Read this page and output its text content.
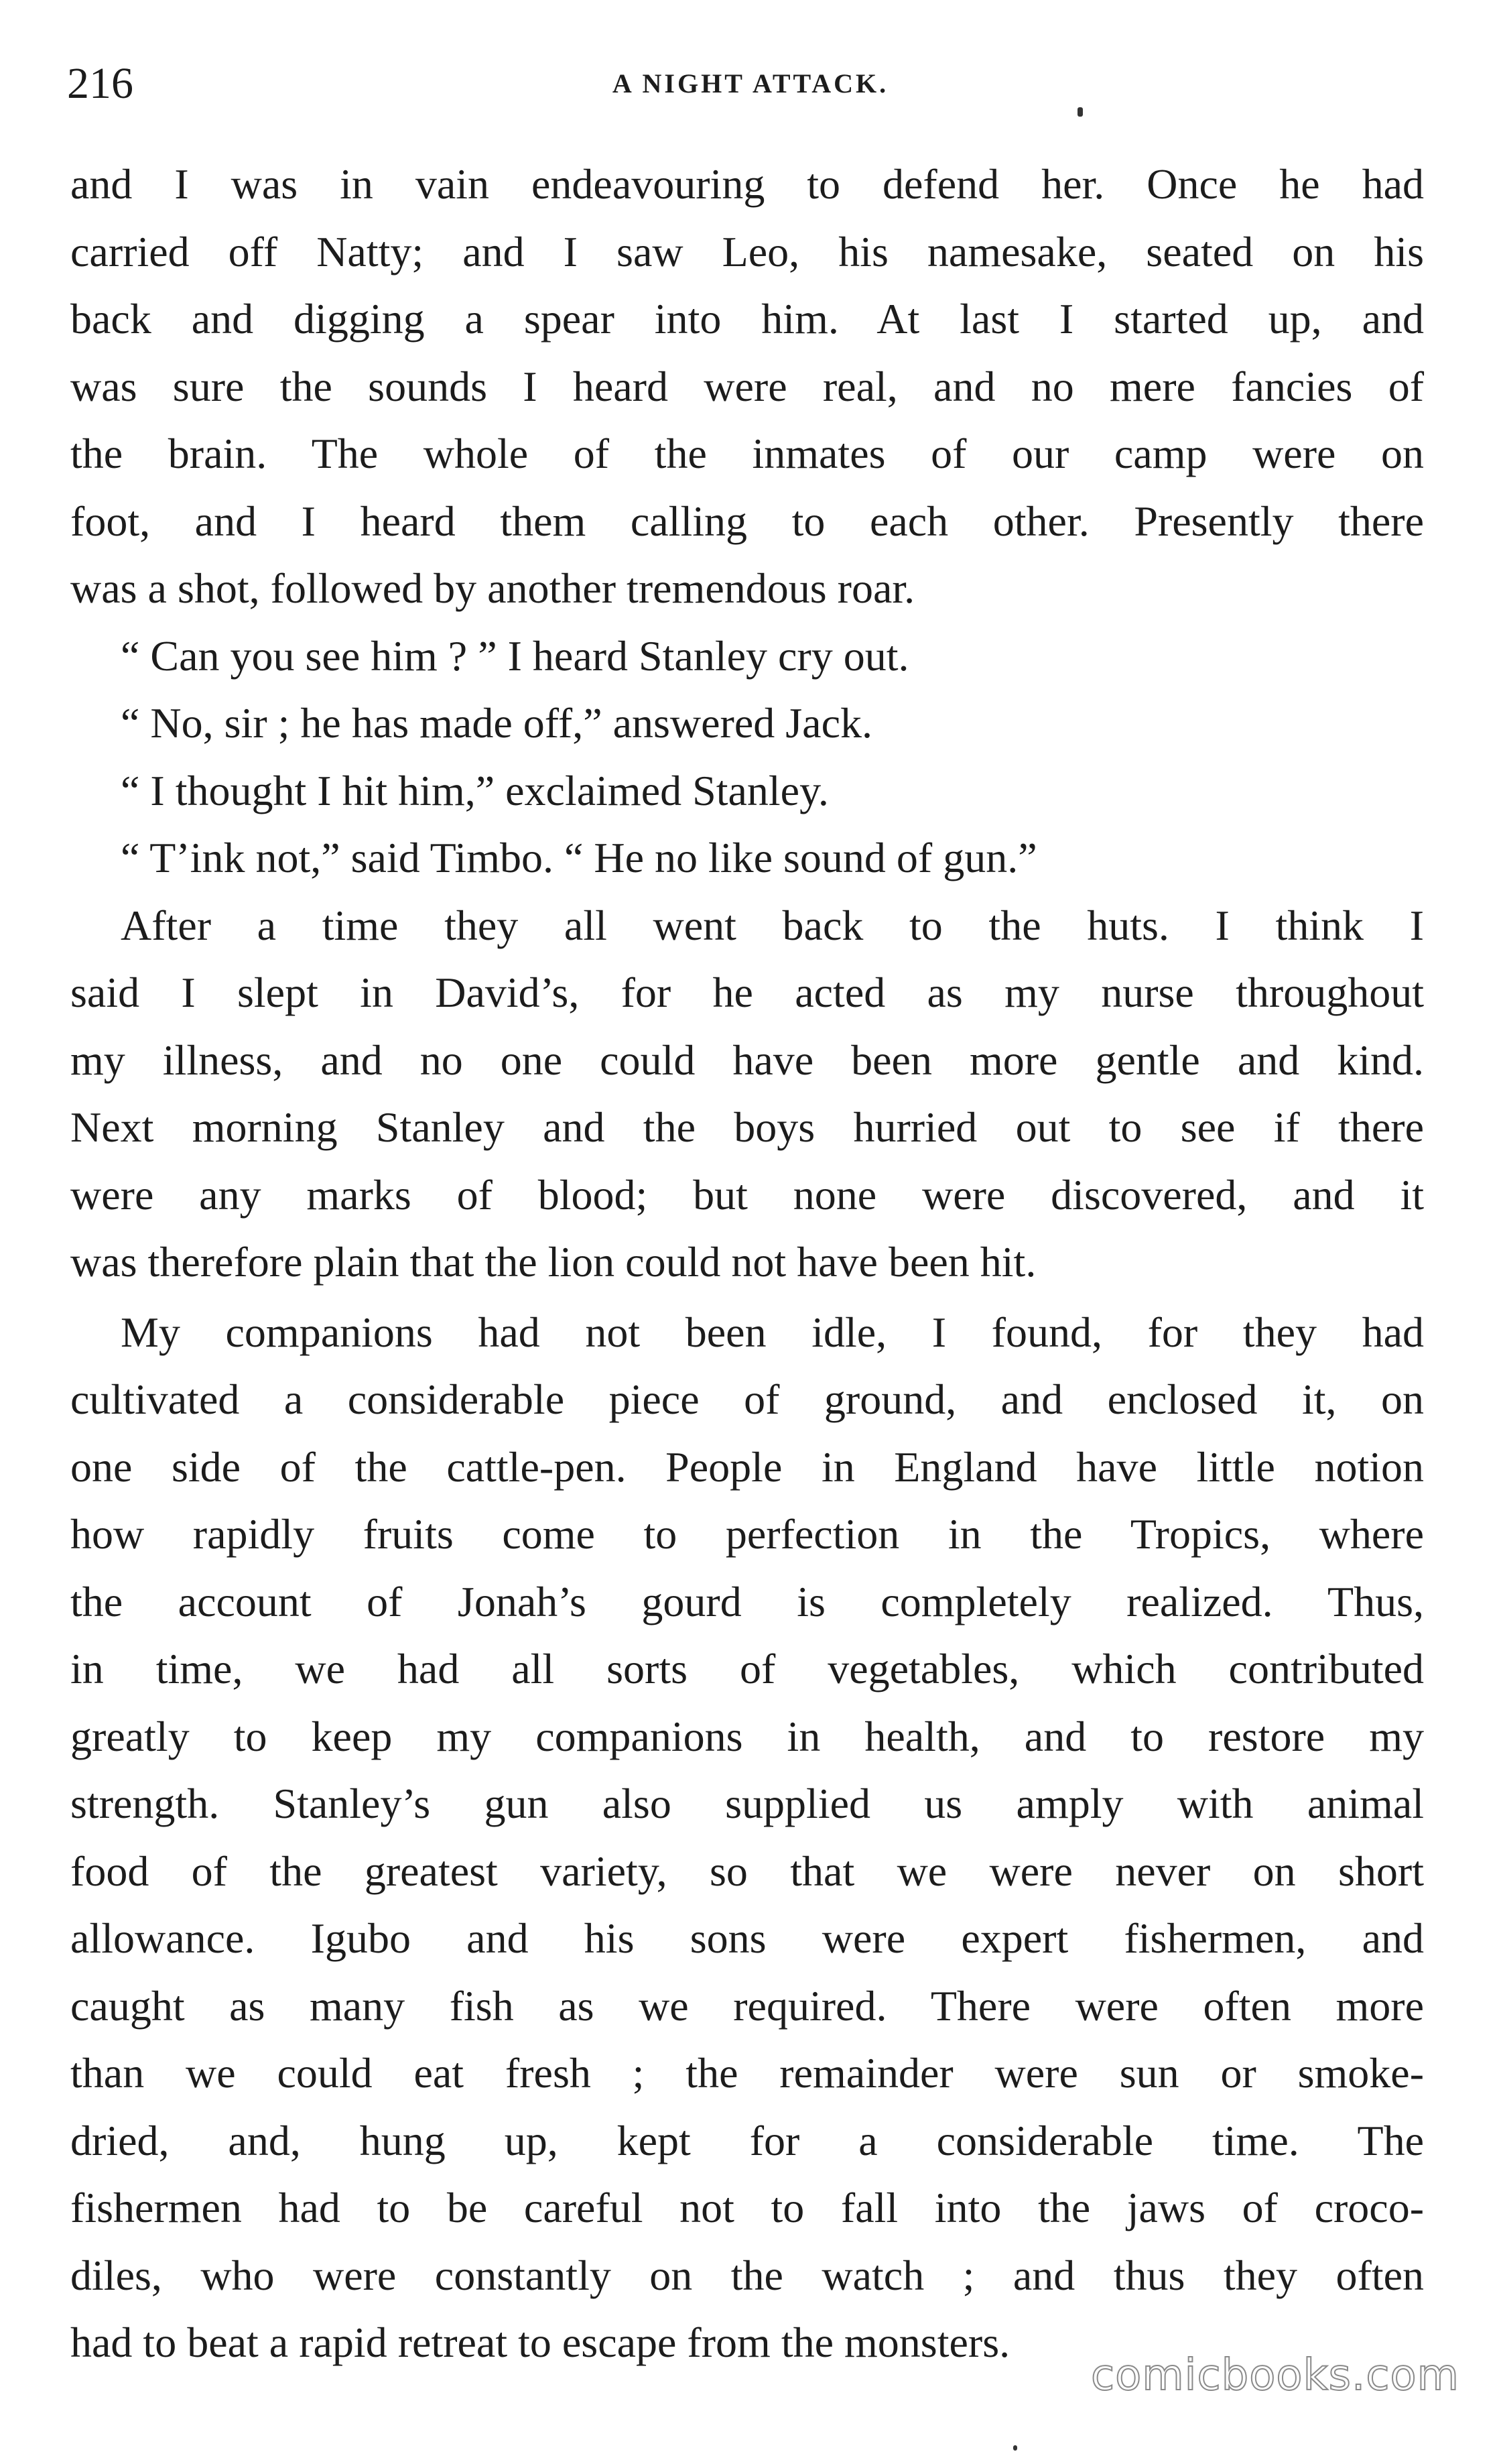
216	A NIGHT ATTACK.
and I was in vain endeavouring to defend her. Once he had
carried off Natty; and I saw Leo, his namesake, seated on his
back and digging a spear into him. At last I started up, and
was sure the sounds I heard were real, and no mere fancies of
the brain. The whole of the inmates of our camp were on
foot, and I heard them calling to each other. Presently there
was a shot, followed by another tremendous roar.
“ Can you see him ? ” I heard Stanley cry out.
“ No, sir ; he has made off,” answered Jack.
“ I thought I hit him,” exclaimed Stanley.
“ T’ink not,” said Timbo. “ He no like sound of gun.”
After a time they all went back to the huts. I think I
said I slept in David’s, for he acted as my nurse throughout
my illness, and no one could have been more gentle and kind.
Next morning Stanley and the boys hurried out to see if there
were any marks of blood; but none were discovered, and it
was therefore plain that the lion could not have been hit.
My companions had not been idle, I found, for they had
cultivated a considerable piece of ground, and enclosed it, on
one side of the cattle-pen. People in England have little notion
how rapidly fruits come to perfection in the Tropics, where
the account of Jonah’s gourd is completely realized. Thus,
in time, we had all sorts of vegetables, which contributed
greatly to keep my companions in health, and to restore my
strength. Stanley’s gun also supplied us amply with animal
food of the greatest variety, so that we were never on short
allowance. Igubo and his sons were expert fishermen, and
caught as many fish as we required. There were often more
than we could eat fresh ; the remainder were sun or smoke-
dried, and, hung up, kept for a considerable time. The
fishermen had to be careful not to fall into the jaws of croco-
diles, who were constantly on the watch ; and thus they often
had to beat a rapid retreat to escape from the monsters.
comicbooks.com
